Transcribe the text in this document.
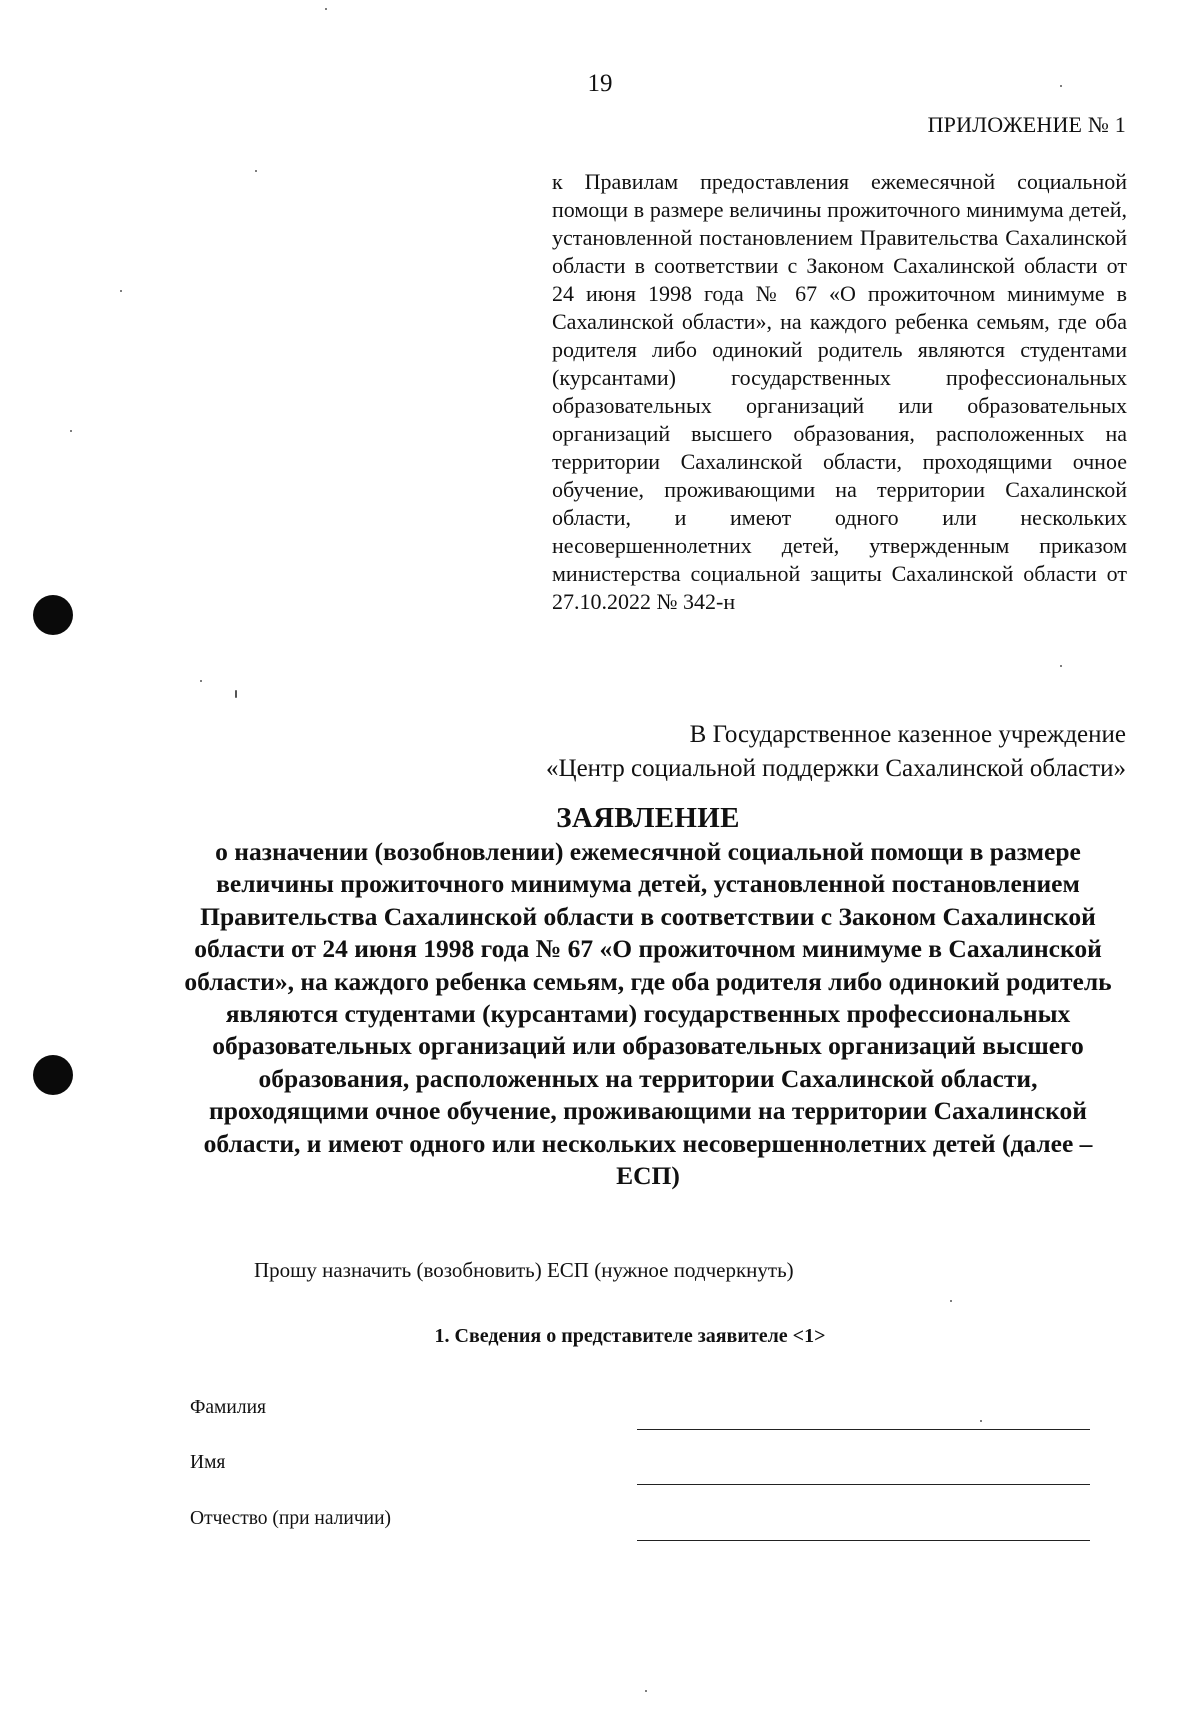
19
ПРИЛОЖЕНИЕ № 1
к Правилам предоставления ежемесячной социальной помощи в размере величины прожиточного минимума детей, установленной постановлением Правительства Сахалинской области в соответствии с Законом Сахалинской области от 24 июня 1998 года № 67 «О прожиточном минимуме в Сахалинской области», на каждого ребенка семьям, где оба родителя либо одинокий родитель являются студентами (курсантами) государственных профессиональных образовательных организаций или образовательных организаций высшего образования, расположенных на территории Сахалинской области, проходящими очное обучение, проживающими на территории Сахалинской области, и имеют одного или нескольких несовершеннолетних детей, утвержденным приказом министерства социальной защиты Сахалинской области от 27.10.2022 № 342-н
В Государственное казенное учреждение
«Центр социальной поддержки Сахалинской области»
ЗАЯВЛЕНИЕ
о назначении (возобновлении) ежемесячной социальной помощи в размере величины прожиточного минимума детей, установленной постановлением Правительства Сахалинской области в соответствии с Законом Сахалинской области от 24 июня 1998 года № 67 «О прожиточном минимуме в Сахалинской области», на каждого ребенка семьям, где оба родителя либо одинокий родитель являются студентами (курсантами) государственных профессиональных образовательных организаций или образовательных организаций высшего образования, расположенных на территории Сахалинской области, проходящими очное обучение, проживающими на территории Сахалинской области, и имеют одного или нескольких несовершеннолетних детей (далее – ЕСП)
Прошу назначить (возобновить) ЕСП (нужное подчеркнуть)
1. Сведения о представителе заявителе <1>
Фамилия
Имя
Отчество (при наличии)
